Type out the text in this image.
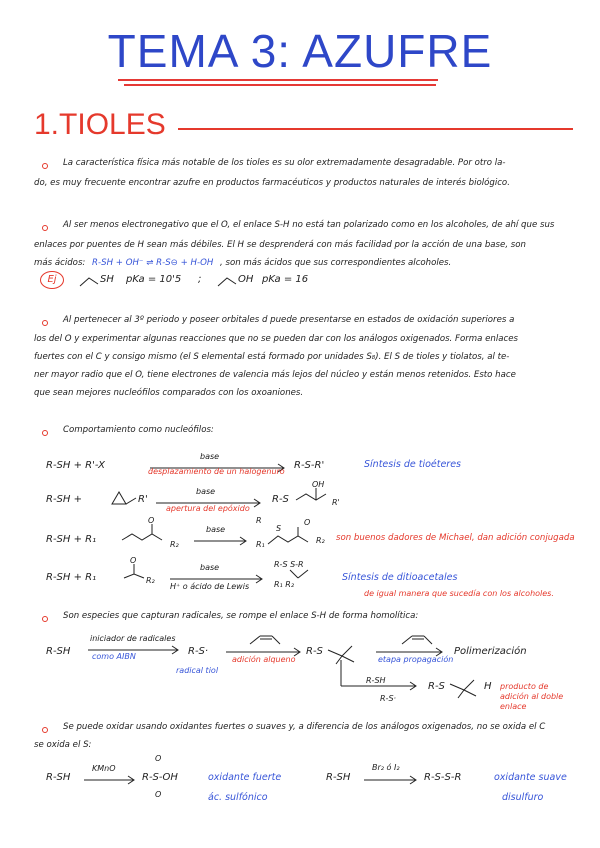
TEMA 3: AZUFRE
1.TIOLES
La característica física más notable de los tioles es su olor extremadamente desagradable. Por otro la-
do, es muy frecuente encontrar azufre en productos farmacéuticos y productos naturales de interés biológico.
Al ser menos electronegativo que el O, el enlace S-H no está tan polarizado como en los alcoholes, de ahí que sus
enlaces por puentes de H sean más débiles. El H se desprenderá con más facilidad por la acción de una base, son
más ácidos: R-SH + OH⁻ ⇌ R-S⊖ + H-OH , son más ácidos que sus correspondientes alcoholes.
Ej	SH pKa = 10'5 ;	OH pKa = 16
Al pertenecer al 3º periodo y poseer orbitales d puede presentarse en estados de oxidación superiores a
los del O y experimentar algunas reacciones que no se pueden dar con los análogos oxigenados. Forma enlaces
fuertes con el C y consigo mismo (el S elemental está formado por unidades S₈). El S de tioles y tiolatos, al te-
ner mayor radio que el O, tiene electrones de valencia más lejos del núcleo y están menos retenidos. Esto hace
que sean mejores nucleófilos comparados con los oxoaniones.
Comportamiento como nucleófilos:
R-SH + R'-X
base
desplazamiento de un halogenuro
R-S-R'	Síntesis de tioéteres
R-SH +	R'
base
apertura del epóxido
R-S
OH
R'
R-SH + R₁
O
R₂
base
R
S
R₁
O
R₂ son buenos dadores de Michael, dan adición conjugada
R-SH + R₁
O
R₂
base
H⁺ o ácido de Lewis
R-S S-R
R₁ R₂
Síntesis de ditioacetales
de igual manera que sucedía con los alcoholes.
Son especies que capturan radicales, se rompe el enlace S-H de forma homolítica:
R-SH
iniciador de radicales
como AIBN	R-S·
radical tiol
adición alqueno
R-S
etapa propagación
Polimerización
R-SH
R-S·
R-S	H producto de adición al doble enlace
Se puede oxidar usando oxidantes fuertes o suaves y, a diferencia de los análogos oxigenados, no se oxida el C
se oxida el S:
R-SH
KMnO
O
R-S-OH
O
oxidante fuerte
ác. sulfónico
R-SH
Br₂ ó I₂
→ R-S-S-R	oxidante suave
disulfuro
